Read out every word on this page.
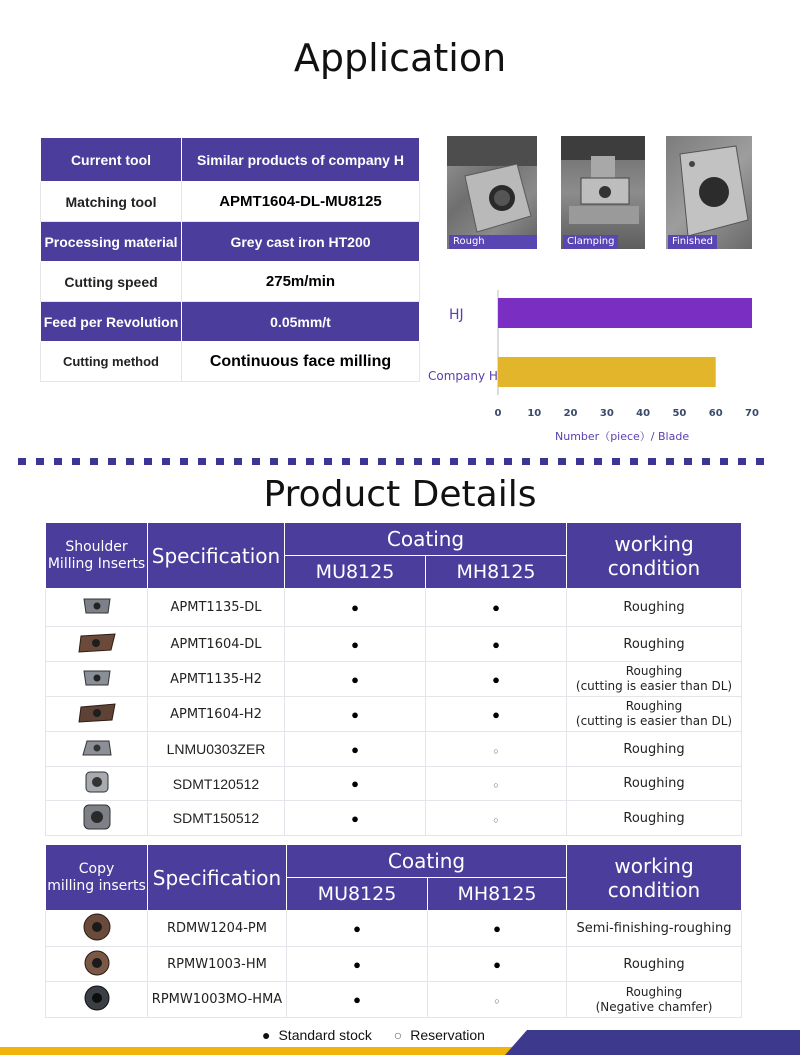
Application
Current tool	Similar products of company H
Matching tool	APMT1604-DL-MU8125
Processing material	Grey cast iron HT200
Cutting speed	275m/min
Feed per Revolution	0.05mm/t
Cutting method	Continuous face milling
Rough workpiece
Clamping	Finished
HJ
Company H
0	10	20	30	40	50	60	70
Number（piece）/ Blade
Product Details
Shoulder
Milling Inserts	Specification	Coating		working condition
		MU8125	MH8125	
	APMT1135-DL	●	●	Roughing
	APMT1604-DL	●	●	Roughing
	APMT1135-H2	●	●	Roughing
(cutting is easier than DL)
	APMT1604-H2	●	●	Roughing
(cutting is easier than DL)
	LNMU0303ZER	●	○	Roughing
	SDMT120512	●	○	Roughing
	SDMT150512	●	○	Roughing
Copy
milling inserts	Specification	Coating		working condition
		MU8125	MH8125	
	RDMW1204-PM	●	●	Semi-finishing-roughing
	RPMW1003-HM	●	●	Roughing
	RPMW1003MO-HMA	●	○	Roughing
(Negative chamfer)
● Standard stock ○ Reservation
